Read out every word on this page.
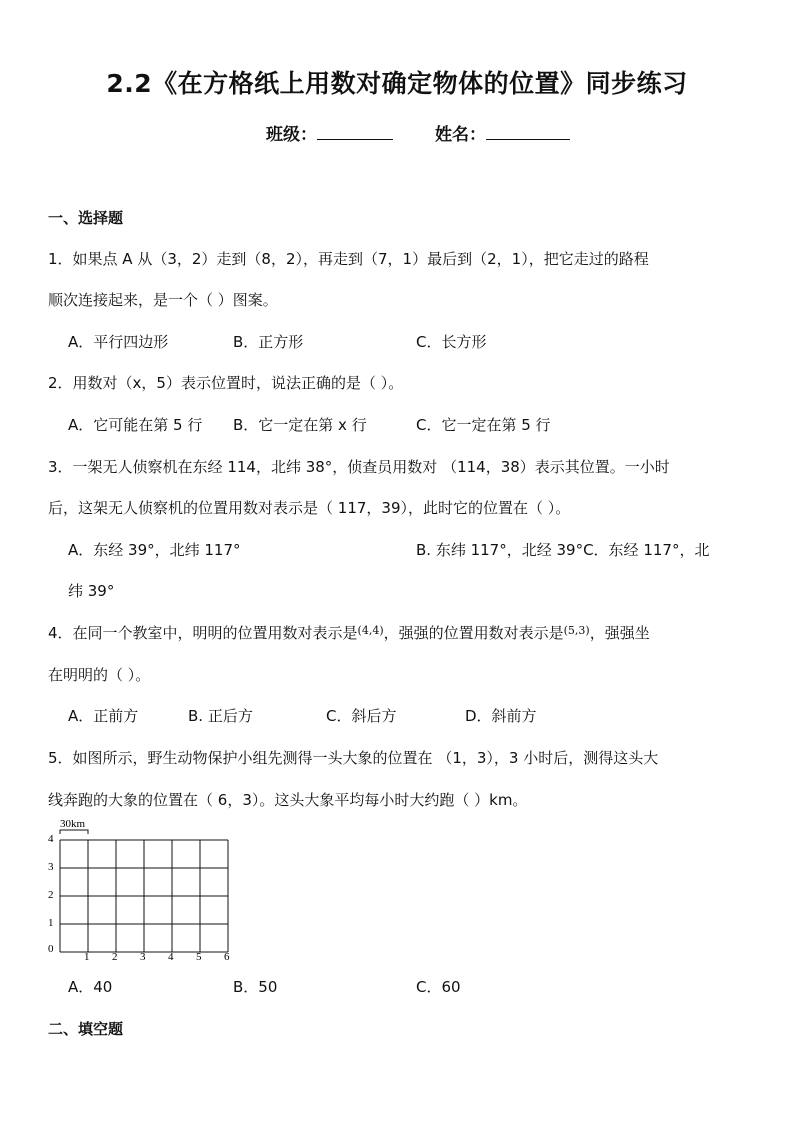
2.2《在方格纸上用数对确定物体的位置》同步练习
班级：	姓名：
一、选择题
1．如果点 A 从（3，2）走到（8，2），再走到（7，1）最后到（2，1），把它走过的路程
顺次连接起来，是一个（ ）图案。
A．平行四边形	B．正方形	C．长方形
2．用数对（x，5）表示位置时，说法正确的是（ ）。
A．它可能在第 5 行 B．它一定在第 x 行	C．它一定在第 5 行
3．一架无人侦察机在东经 114，北纬 38°，侦查员用数对 （114，38）表示其位置。一小时
后，这架无人侦察机的位置用数对表示是（ 117，39），此时它的位置在（ ）。
A．东经 39°，北纬 117°	B. 东纬 117°，北经 39°C．东经 117°，北
纬 39°
4．在同一个教室中，明明的位置用数对表示是$^{(4,4)}$，强强的位置用数对表示是$^{(5,3)}$，强强坐
在明明的（ ）。
A．正前方	B. 正后方	C．斜后方	D．斜前方
5．如图所示，野生动物保护小组先测得一头大象的位置在 （1，3），3 小时后，测得这头大
线奔跑的大象的位置在（ 6，3）。这头大象平均每小时大约跑（ ）km。
30km
4
3
2
1
0
1 2 3 4 5 6
A．40	B．50	C．60
二、填空题
